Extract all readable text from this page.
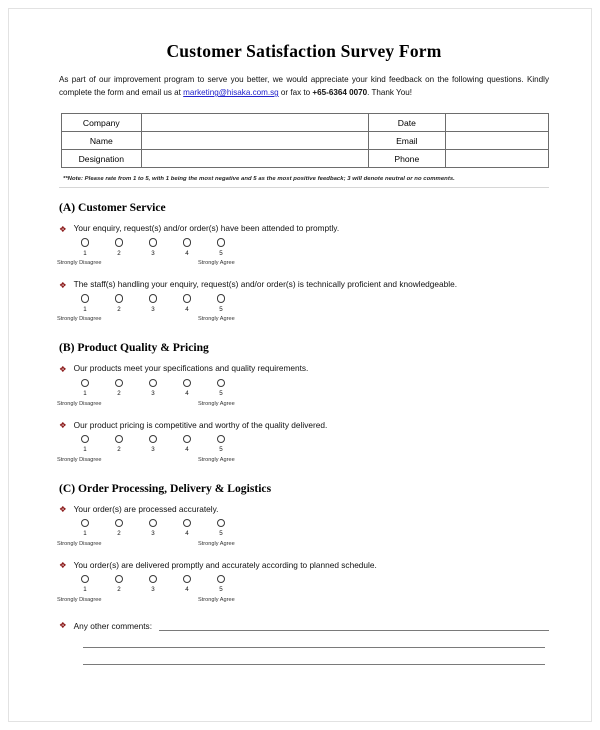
Customer Satisfaction Survey Form

As part of our improvement program to serve you better, we would appreciate your kind feedback on the following questions. Kindly complete the form and email us at marketing@hisaka.com.sg or fax to +65-6364 0070. Thank You!

Company		Date	
Name		Email	
Designation		Phone	
**Note: Please rate from 1 to 5, with 1 being the most negative and 5 as the most positive feedback; 3 will denote neutral or no comments.
(A) Customer Service
❖ Your enquiry, request(s) and/or order(s) have been attended to promptly.
1	2	3	4	5
Strongly Disagree	Strongly Agree
❖ The staff(s) handling your enquiry, request(s) and/or order(s) is technically proficient and knowledgeable.
1	2	3	4	5
Strongly Disagree	Strongly Agree
(B) Product Quality & Pricing
❖ Our products meet your specifications and quality requirements.
1	2	3	4	5
Strongly Disagree	Strongly Agree
❖ Our product pricing is competitive and worthy of the quality delivered.
1	2	3	4	5
Strongly Disagree	Strongly Agree
(C) Order Processing, Delivery & Logistics
❖ Your order(s) are processed accurately.
1	2	3	4	5
Strongly Disagree	Strongly Agree
❖ You order(s) are delivered promptly and accurately according to planned schedule.
1	2	3	4	5
Strongly Disagree	Strongly Agree
❖ Any other comments:
